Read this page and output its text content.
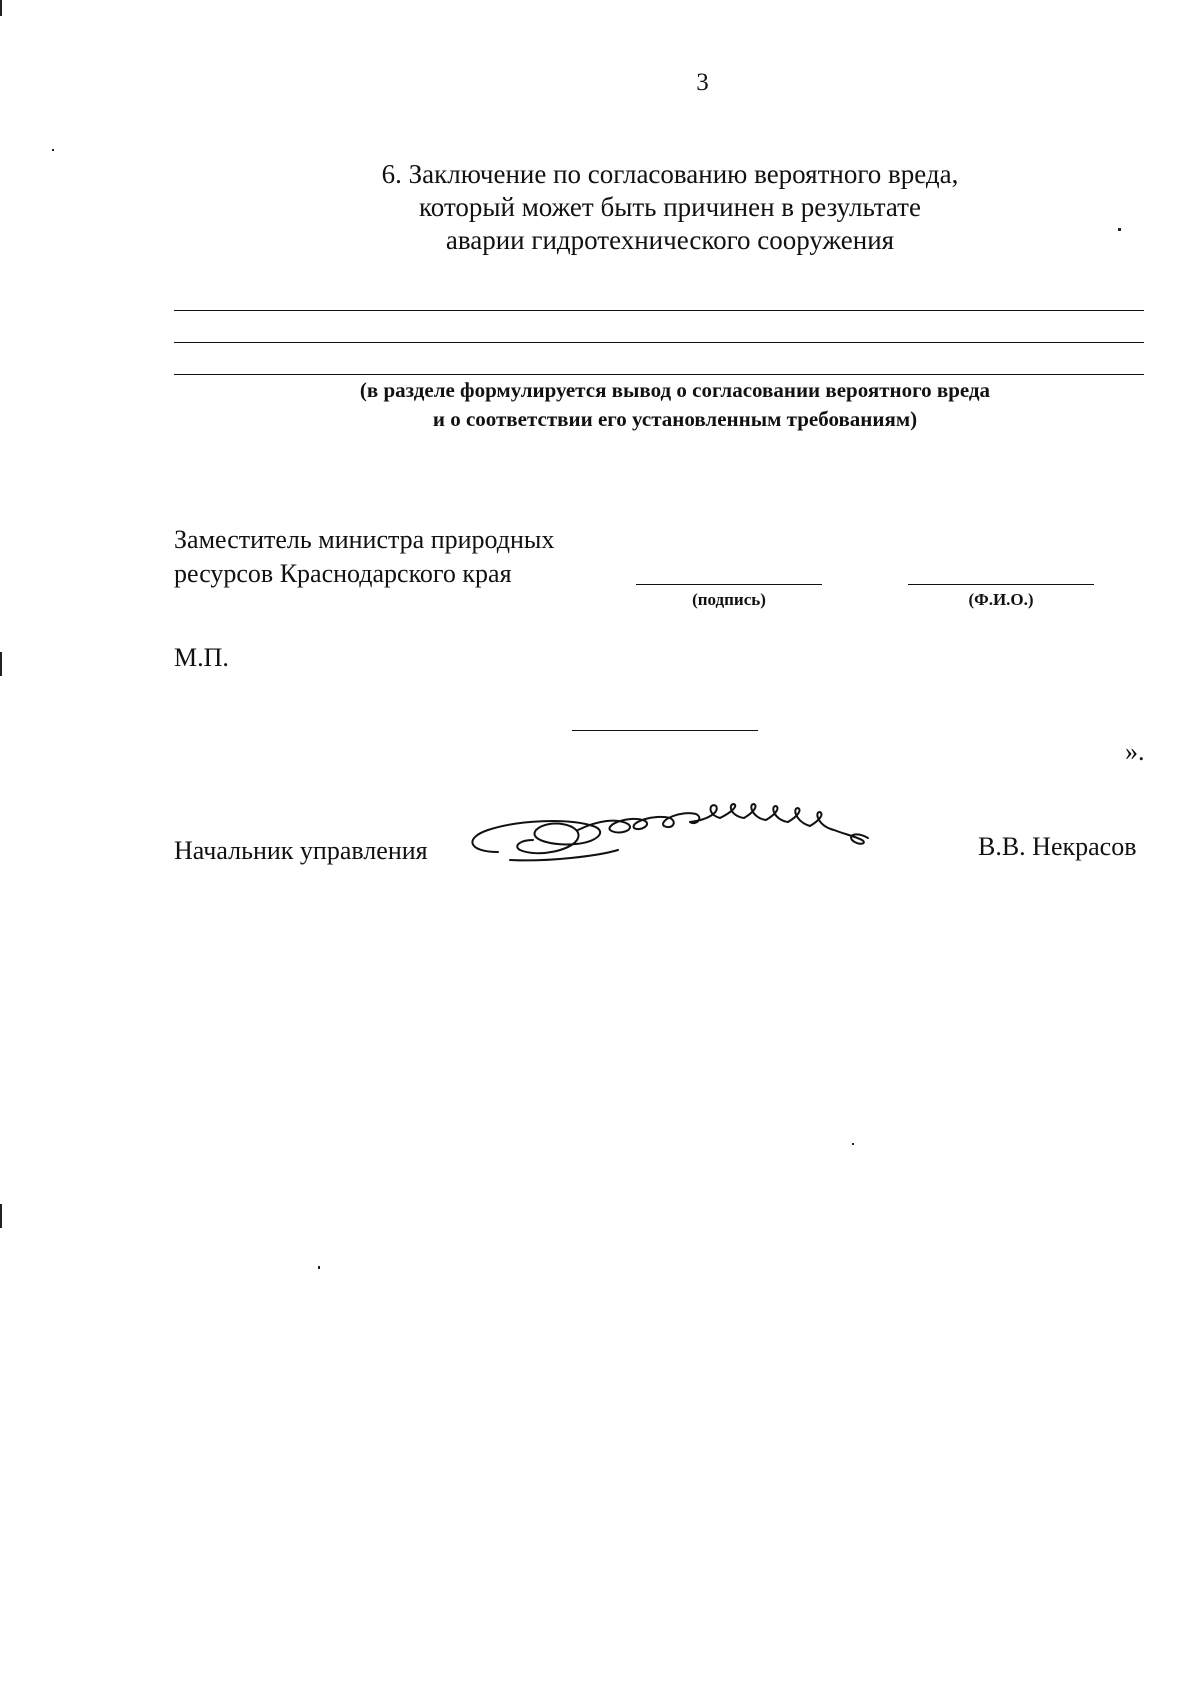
3
6. Заключение по согласованию вероятного вреда,
который может быть причинен в результате
аварии гидротехнического сооружения
(в разделе формулируется вывод о согласовании вероятного вреда
и о соответствии его установленным требованиям)
Заместитель министра природных
ресурсов Краснодарского края
(подпись)	(Ф.И.О.)
М.П.
».
Начальник управления	В.В. Некрасов
